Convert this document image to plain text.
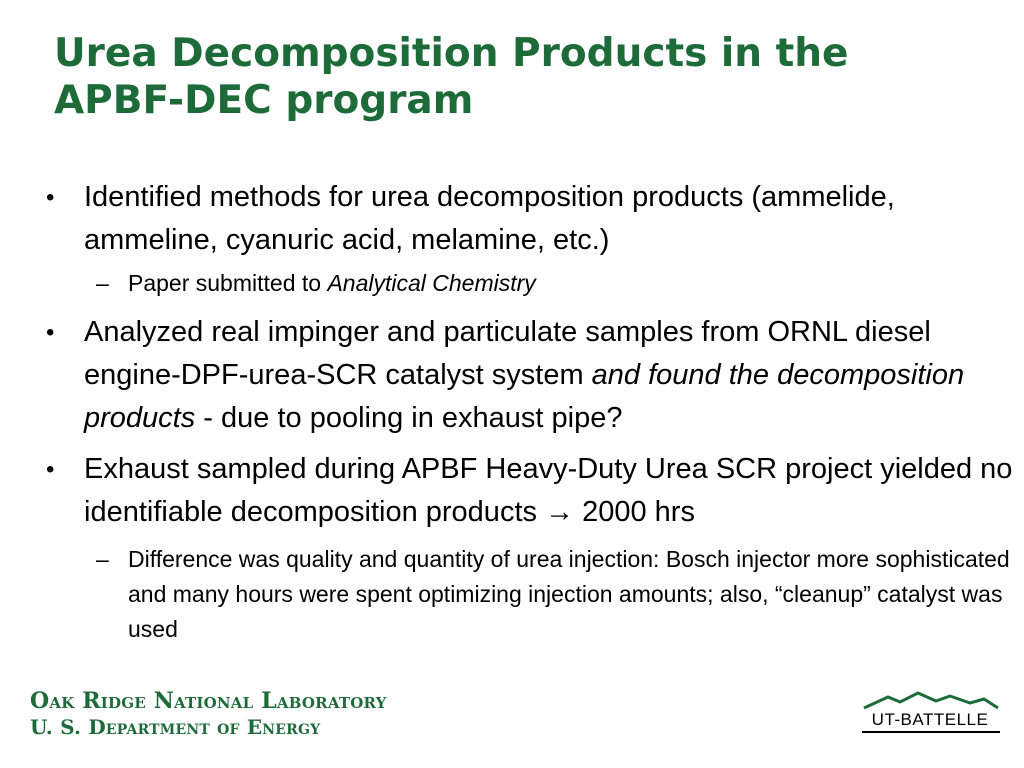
Urea Decomposition Products in the
APBF-DEC program
• Identified methods for urea decomposition products (ammelide, ammeline, cyanuric acid, melamine, etc.)
– Paper submitted to Analytical Chemistry
• Analyzed real impinger and particulate samples from ORNL diesel engine-DPF-urea-SCR catalyst system and found the decomposition products - due to pooling in exhaust pipe?
• Exhaust sampled during APBF Heavy-Duty Urea SCR project yielded no identifiable decomposition products → 2000 hrs
– Difference was quality and quantity of urea injection: Bosch injector more sophisticated and many hours were spent optimizing injection amounts; also, “cleanup” catalyst was used
Oak Ridge National Laboratory
U. S. Department of Energy	UT-BATTELLE
